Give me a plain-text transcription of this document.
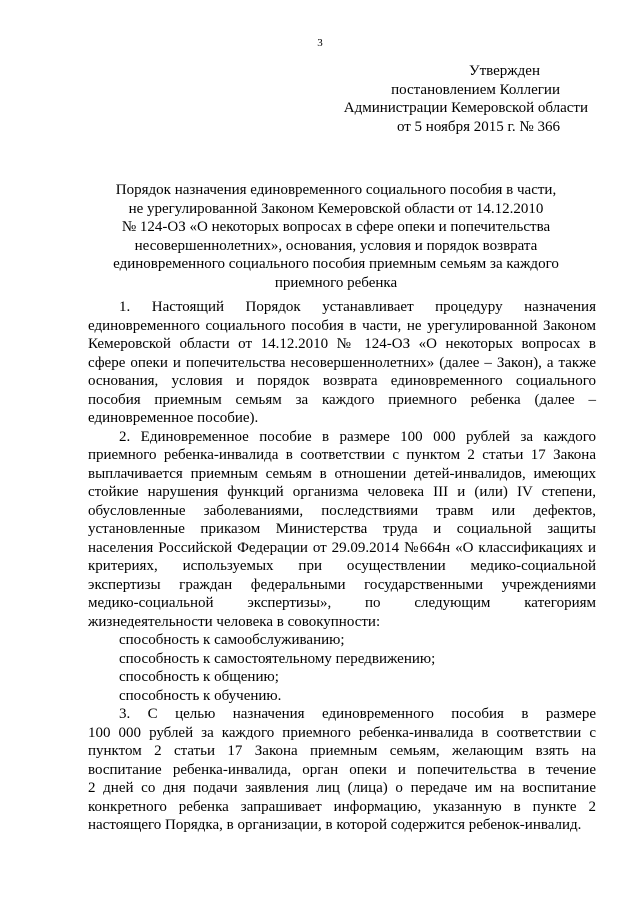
3
Утвержден
постановлением Коллегии
Администрации Кемеровской области
от 5 ноября 2015 г. № 366
Порядок назначения единовременного социального пособия в части,
не урегулированной Законом Кемеровской области от 14.12.2010
№ 124-ОЗ «О некоторых вопросах в сфере опеки и попечительства
несовершеннолетних», основания, условия и порядок возврата
единовременного социального пособия приемным семьям за каждого
приемного ребенка
1. Настоящий Порядок устанавливает процедуру назначения
единовременного социального пособия в части, не урегулированной Законом
Кемеровской области от 14.12.2010 № 124-ОЗ «О некоторых вопросах в
сфере опеки и попечительства несовершеннолетних» (далее – Закон), а также
основания, условия и порядок возврата единовременного социального
пособия приемным семьям за каждого приемного ребенка (далее –
единовременное пособие).
2. Единовременное пособие в размере 100 000 рублей за каждого
приемного ребенка-инвалида в соответствии с пунктом 2 статьи 17 Закона
выплачивается приемным семьям в отношении детей-инвалидов, имеющих
стойкие нарушения функций организма человека III и (или) IV степени,
обусловленные заболеваниями, последствиями травм или дефектов,
установленные приказом Министерства труда и социальной защиты
населения Российской Федерации от 29.09.2014 №664н «О классификациях и
критериях, используемых при осуществлении медико-социальной
экспертизы граждан федеральными государственными учреждениями
медико-социальной экспертизы», по следующим категориям
жизнедеятельности человека в совокупности:
способность к самообслуживанию;
способность к самостоятельному передвижению;
способность к общению;
способность к обучению.
3. С целью назначения единовременного пособия в размере
100 000 рублей за каждого приемного ребенка-инвалида в соответствии с
пунктом 2 статьи 17 Закона приемным семьям, желающим взять на
воспитание ребенка-инвалида, орган опеки и попечительства в течение
2 дней со дня подачи заявления лиц (лица) о передаче им на воспитание
конкретного ребенка запрашивает информацию, указанную в пункте 2
настоящего Порядка, в организации, в которой содержится ребенок-инвалид.
